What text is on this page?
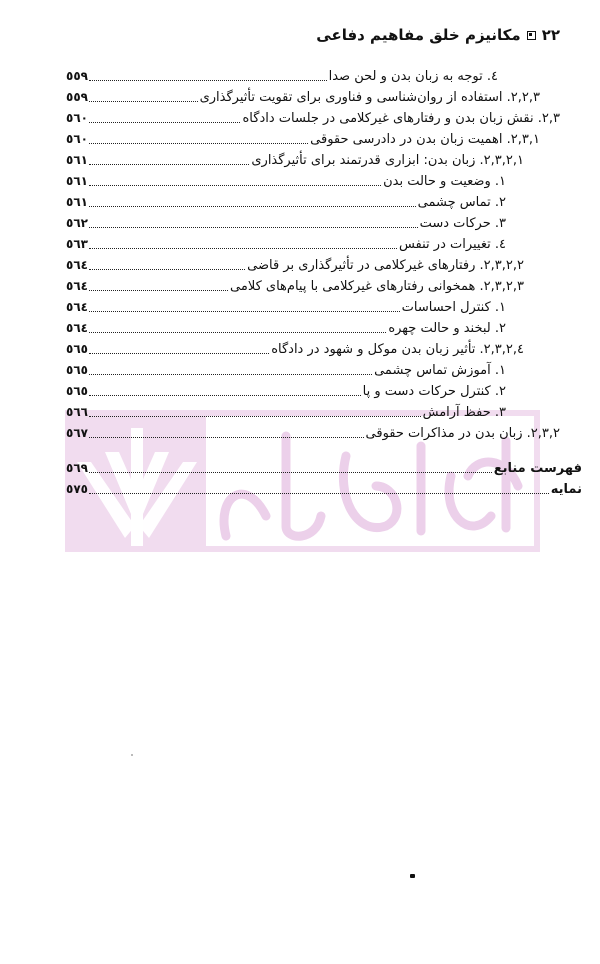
۲۲
مکانیزم خلق مفاهیم دفاعی
٤. توجه به زبان بدن و لحن صدا
٥٥٩
٢,٢,٣. استفاده از روان‌شناسی و فناوری برای تقویت تأثیرگذاری
٥٥٩
٢,٣. نقش زبان بدن و رفتارهای غیرکلامی در جلسات دادگاه
٥٦٠
٢,٣,١. اهمیت زبان بدن در دادرسی حقوقی
٥٦٠
٢,٣,٢,١. زبان بدن: ابزاری قدرتمند برای تأثیرگذاری
٥٦١
١. وضعیت و حالت بدن
٥٦١
٢. تماس چشمی
٥٦١
٣. حرکات دست
٥٦٢
٤. تغییرات در تنفس
٥٦٣
٢,٣,٢,٢. رفتارهای غیرکلامی در تأثیرگذاری بر قاضی
٥٦٤
٢,٣,٢,٣. همخوانی رفتارهای غیرکلامی با پیام‌های کلامی
٥٦٤
١. کنترل احساسات
٥٦٤
٢. لبخند و حالت چهره
٥٦٤
٢,٣,٢,٤. تأثیر زبان بدن موکل و شهود در دادگاه
٥٦٥
١. آموزش تماس چشمی
٥٦٥
٢. کنترل حرکات دست و پا
٥٦٥
٣. حفظ آرامش
٥٦٦
٢,٣,٢. زبان بدن در مذاکرات حقوقی
٥٦٧
فهرست منابع
٥٦٩
نمایه
٥٧٥
